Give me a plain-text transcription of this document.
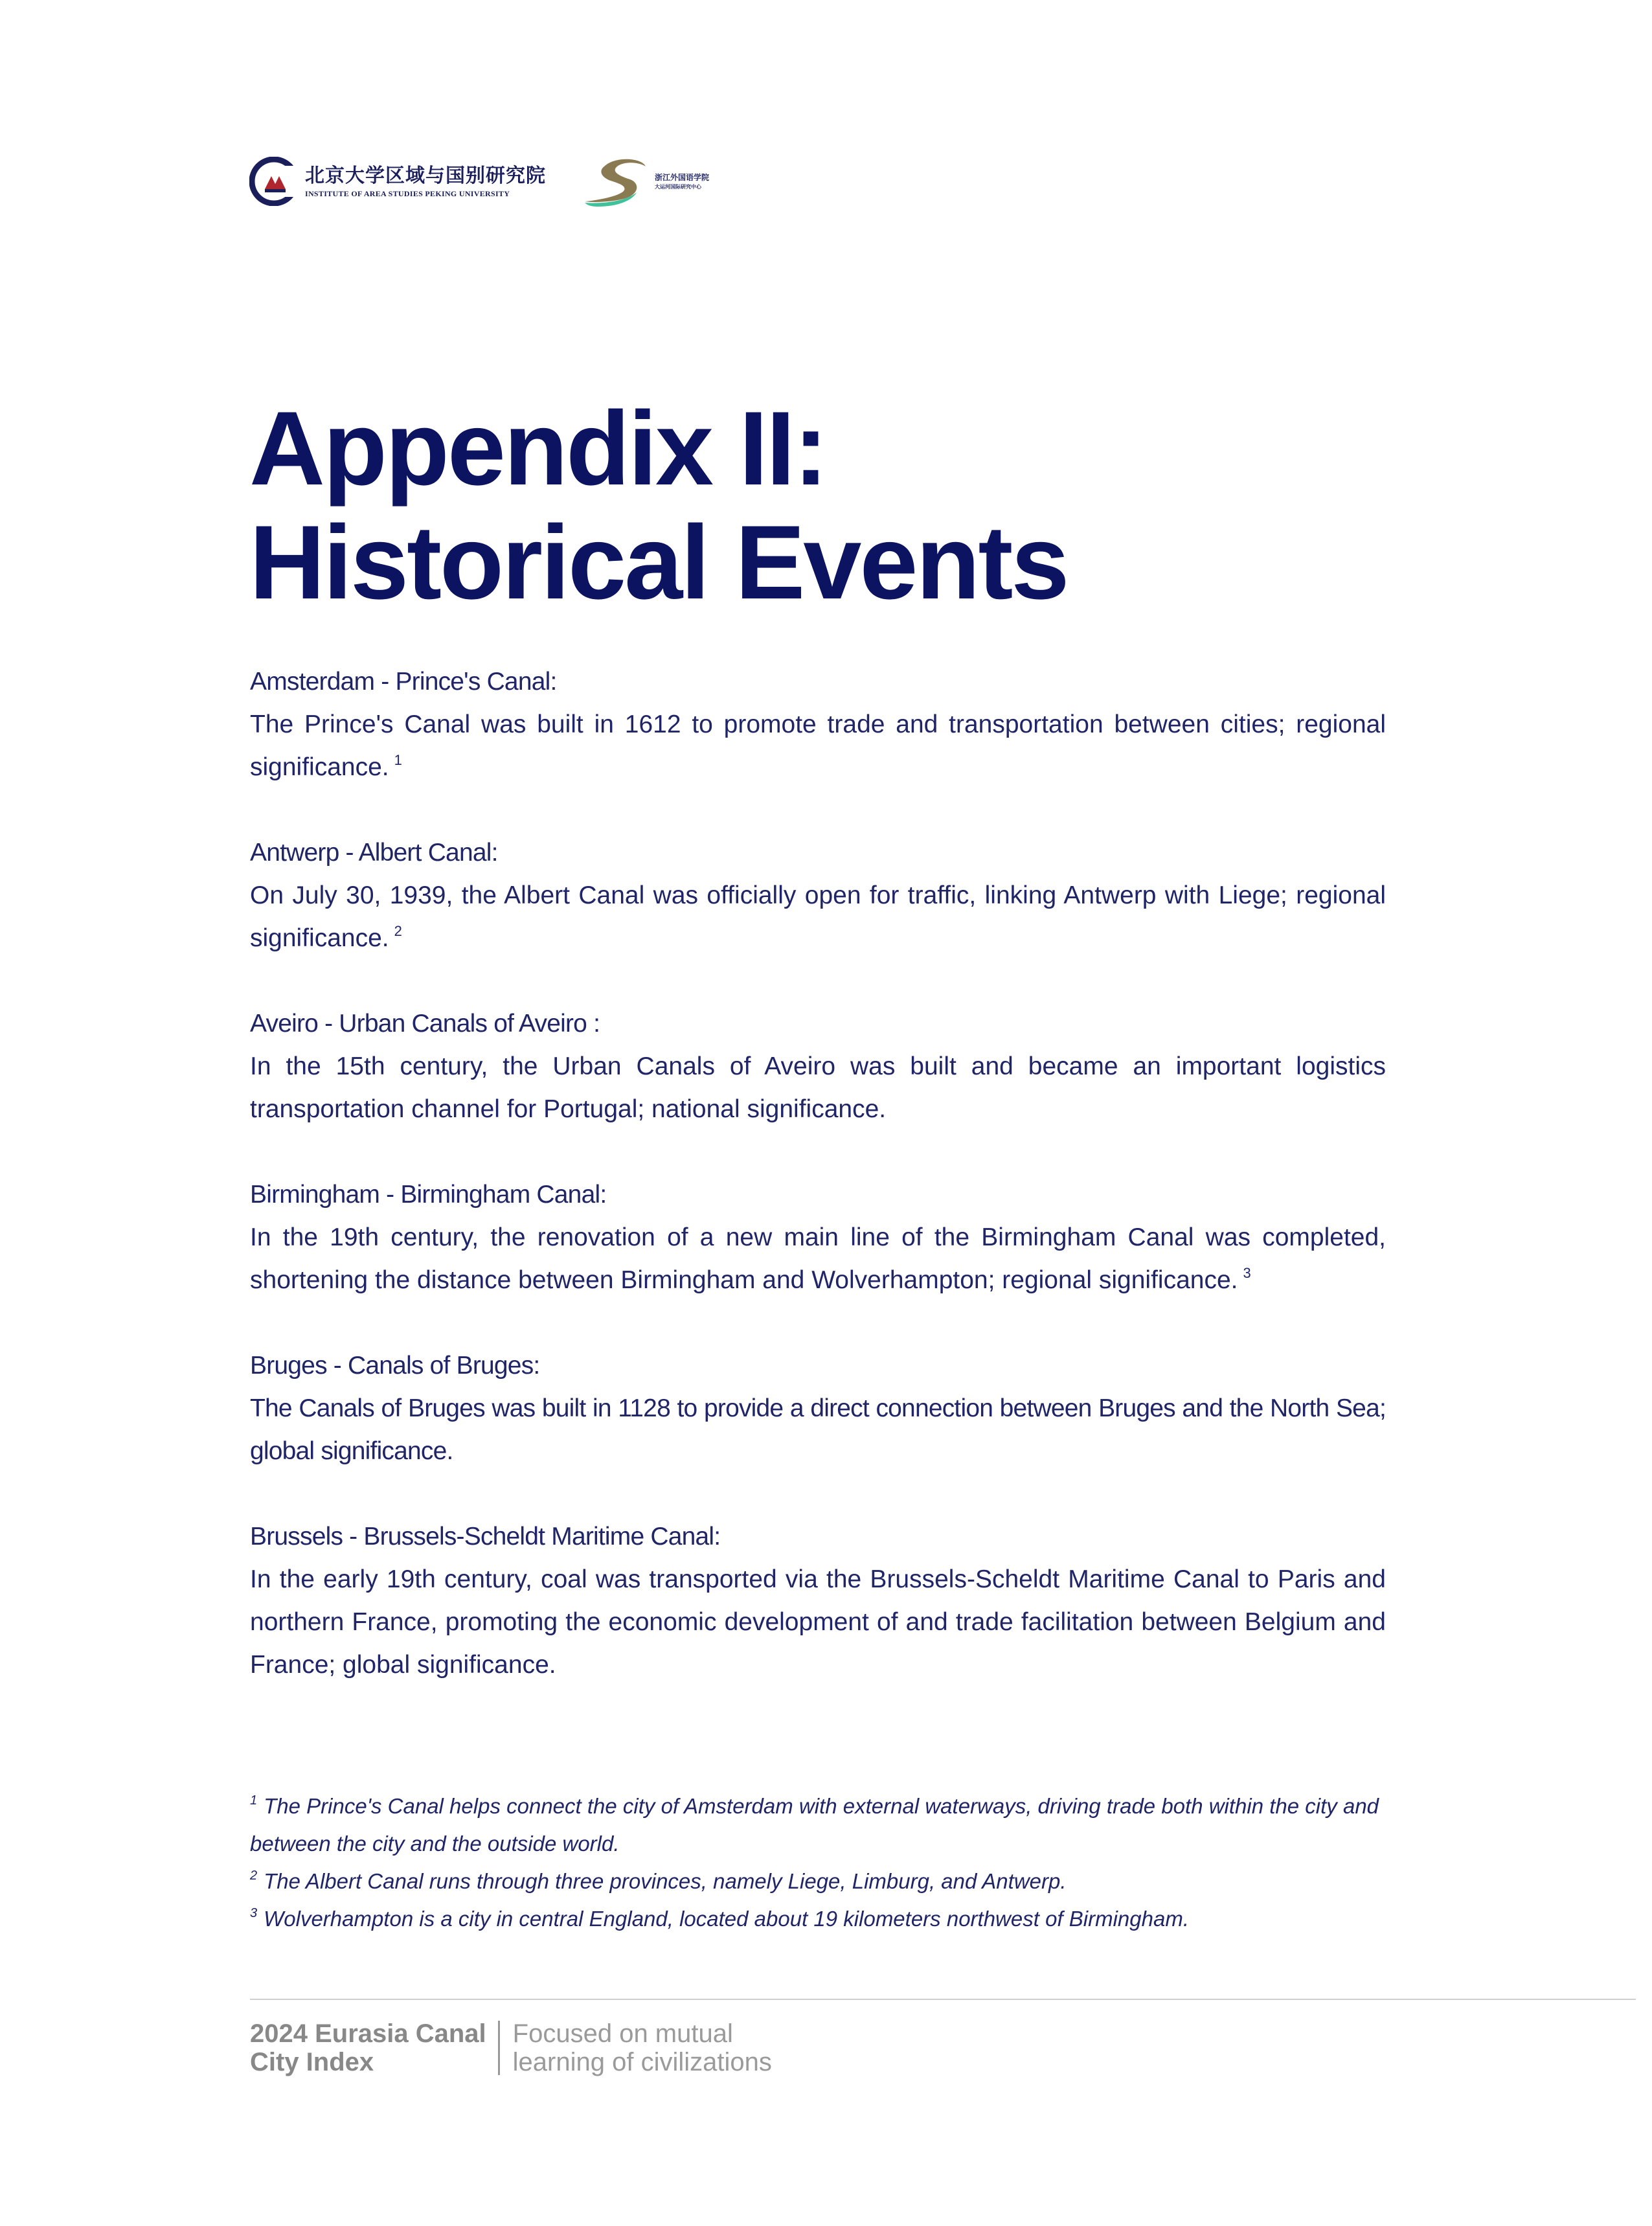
北京大学区域与国别研究院
INSTITUTE OF AREA STUDIES PEKING UNIVERSITY
浙江外国语学院
大运河国际研究中心
Appendix II:
Historical Events
Amsterdam - Prince's Canal:
The Prince's Canal was built in 1612 to promote trade and transportation between cities; regional significance. $^1$
Antwerp - Albert Canal:
On July 30, 1939, the Albert Canal was officially open for traffic, linking Antwerp with Liege; regional significance. $^2$
Aveiro - Urban Canals of Aveiro :
In the 15th century, the Urban Canals of Aveiro was built and became an important logistics transportation channel for Portugal; national significance.
Birmingham - Birmingham Canal:
In the 19th century, the renovation of a new main line of the Birmingham Canal was completed, shortening the distance between Birmingham and Wolverhampton; regional significance. $^3$
Bruges - Canals of Bruges:
The Canals of Bruges was built in 1128 to provide a direct connection between Bruges and the North Sea; global significance.
Brussels - Brussels-Scheldt Maritime Canal:
In the early 19th century, coal was transported via the Brussels-Scheldt Maritime Canal to Paris and northern France, promoting the economic development of and trade facilitation between Belgium and France; global significance.

$^1$ The Prince's Canal helps connect the city of Amsterdam with external waterways, driving trade both within the city and between the city and the outside world.

$^2$ The Albert Canal runs through three provinces, namely Liege, Limburg, and Antwerp.

$^3$ Wolverhampton is a city in central England, located about 19 kilometers northwest of Birmingham.

2024 Eurasia Canal
City Index
Focused on mutual
learning of civilizations
